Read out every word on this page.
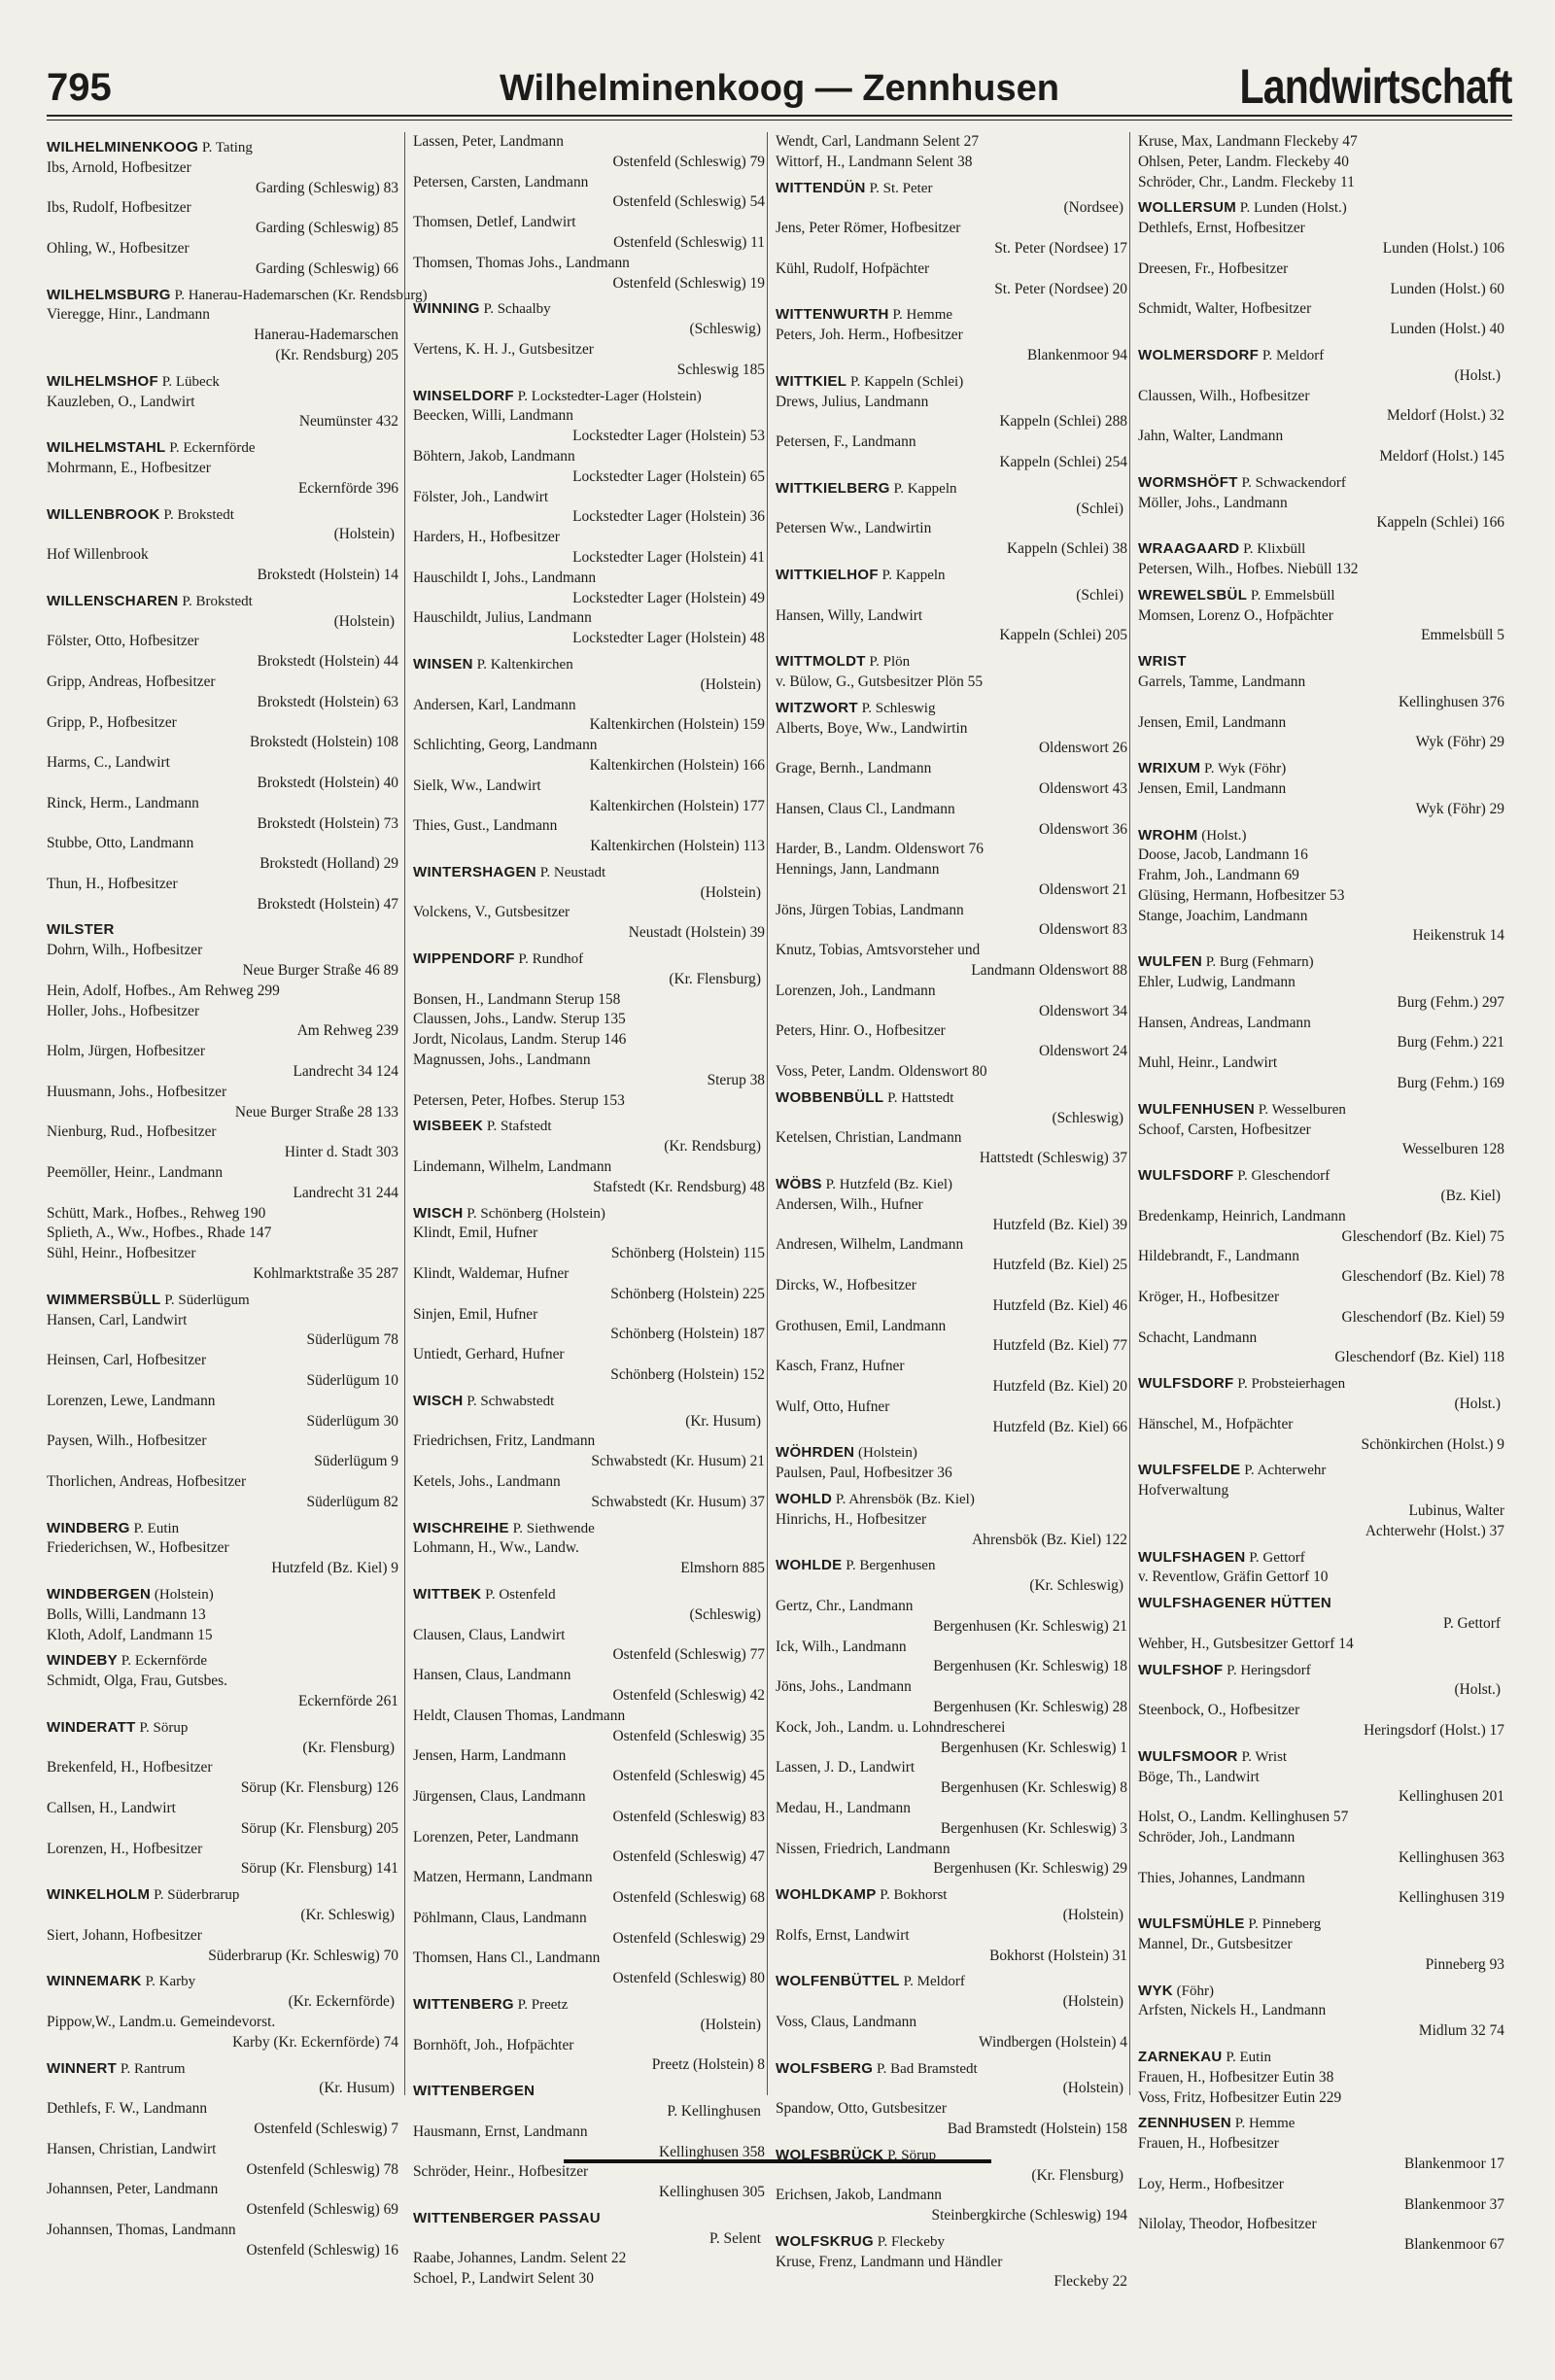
795	Wilhelminenkoog — Zennhusen	Landwirtschaft
WILHELMINENKOOG P. Tating
Ibs, Arnold, Hofbesitzer
Garding (Schleswig) 83
Ibs, Rudolf, Hofbesitzer
Garding (Schleswig) 85
Ohling, W., Hofbesitzer
Garding (Schleswig) 66
WILHELMSBURG P. Hanerau-Hademarschen (Kr. Rendsburg)
Vieregge, Hinr., Landmann
Hanerau-Hademarschen
(Kr. Rendsburg) 205
WILHELMSHOF P. Lübeck
Kauzleben, O., Landwirt
Neumünster 432
WILHELMSTAHL P. Eckernförde
Mohrmann, E., Hofbesitzer
Eckernförde 396
WILLENBROOK P. Brokstedt
(Holstein)
Hof Willenbrook
Brokstedt (Holstein) 14
WILLENSCHAREN P. Brokstedt
(Holstein)
Fölster, Otto, Hofbesitzer
Brokstedt (Holstein) 44
Gripp, Andreas, Hofbesitzer
Brokstedt (Holstein) 63
Gripp, P., Hofbesitzer
Brokstedt (Holstein) 108
Harms, C., Landwirt
Brokstedt (Holstein) 40
Rinck, Herm., Landmann
Brokstedt (Holstein) 73
Stubbe, Otto, Landmann
Brokstedt (Holland) 29
Thun, H., Hofbesitzer
Brokstedt (Holstein) 47
WILSTER
Dohrn, Wilh., Hofbesitzer
Neue Burger Straße 46 89
Hein, Adolf, Hofbes., Am Rehweg 299
Holler, Johs., Hofbesitzer
Am Rehweg 239
Holm, Jürgen, Hofbesitzer
Landrecht 34 124
Huusmann, Johs., Hofbesitzer
Neue Burger Straße 28 133
Nienburg, Rud., Hofbesitzer
Hinter d. Stadt 303
Peemöller, Heinr., Landmann
Landrecht 31 244
Schütt, Mark., Hofbes., Rehweg 190
Splieth, A., Ww., Hofbes., Rhade 147
Sühl, Heinr., Hofbesitzer
Kohlmarktstraße 35 287
WIMMERSBÜLL P. Süderlügum
Hansen, Carl, Landwirt
Süderlügum 78
Heinsen, Carl, Hofbesitzer
Süderlügum 10
Lorenzen, Lewe, Landmann
Süderlügum 30
Paysen, Wilh., Hofbesitzer
Süderlügum 9
Thorlichen, Andreas, Hofbesitzer
Süderlügum 82
WINDBERG P. Eutin
Friederichsen, W., Hofbesitzer
Hutzfeld (Bz. Kiel) 9
WINDBERGEN (Holstein)
Bolls, Willi, Landmann 13
Kloth, Adolf, Landmann 15
WINDEBY P. Eckernförde
Schmidt, Olga, Frau, Gutsbes.
Eckernförde 261
WINDERATT P. Sörup
(Kr. Flensburg)
Brekenfeld, H., Hofbesitzer
Sörup (Kr. Flensburg) 126
Callsen, H., Landwirt
Sörup (Kr. Flensburg) 205
Lorenzen, H., Hofbesitzer
Sörup (Kr. Flensburg) 141
WINKELHOLM P. Süderbrarup
(Kr. Schleswig)
Siert, Johann, Hofbesitzer
Süderbrarup (Kr. Schleswig) 70
WINNEMARK P. Karby
(Kr. Eckernförde)
Pippow,W., Landm.u. Gemeindevorst.
Karby (Kr. Eckernförde) 74
WINNERT P. Rantrum
(Kr. Husum)
Dethlefs, F. W., Landmann
Ostenfeld (Schleswig) 7
Hansen, Christian, Landwirt
Ostenfeld (Schleswig) 78
Johannsen, Peter, Landmann
Ostenfeld (Schleswig) 69
Johannsen, Thomas, Landmann
Ostenfeld (Schleswig) 16
Lassen, Peter, Landmann
Ostenfeld (Schleswig) 79
Petersen, Carsten, Landmann
Ostenfeld (Schleswig) 54
Thomsen, Detlef, Landwirt
Ostenfeld (Schleswig) 11
Thomsen, Thomas Johs., Landmann
Ostenfeld (Schleswig) 19
WINNING P. Schaalby
(Schleswig)
Vertens, K. H. J., Gutsbesitzer
Schleswig 185
WINSELDORF P. Lockstedter-Lager (Holstein)
Beecken, Willi, Landmann
Lockstedter Lager (Holstein) 53
Böhtern, Jakob, Landmann
Lockstedter Lager (Holstein) 65
Fölster, Joh., Landwirt
Lockstedter Lager (Holstein) 36
Harders, H., Hofbesitzer
Lockstedter Lager (Holstein) 41
Hauschildt I, Johs., Landmann
Lockstedter Lager (Holstein) 49
Hauschildt, Julius, Landmann
Lockstedter Lager (Holstein) 48
WINSEN P. Kaltenkirchen
(Holstein)
Andersen, Karl, Landmann
Kaltenkirchen (Holstein) 159
Schlichting, Georg, Landmann
Kaltenkirchen (Holstein) 166
Sielk, Ww., Landwirt
Kaltenkirchen (Holstein) 177
Thies, Gust., Landmann
Kaltenkirchen (Holstein) 113
WINTERSHAGEN P. Neustadt
(Holstein)
Volckens, V., Gutsbesitzer
Neustadt (Holstein) 39
WIPPENDORF P. Rundhof
(Kr. Flensburg)
Bonsen, H., Landmann Sterup 158
Claussen, Johs., Landw. Sterup 135
Jordt, Nicolaus, Landm. Sterup 146
Magnussen, Johs., Landmann
Sterup 38
Petersen, Peter, Hofbes. Sterup 153
WISBEEK P. Stafstedt
(Kr. Rendsburg)
Lindemann, Wilhelm, Landmann
Stafstedt (Kr. Rendsburg) 48
WISCH P. Schönberg (Holstein)
Klindt, Emil, Hufner
Schönberg (Holstein) 115
Klindt, Waldemar, Hufner
Schönberg (Holstein) 225
Sinjen, Emil, Hufner
Schönberg (Holstein) 187
Untiedt, Gerhard, Hufner
Schönberg (Holstein) 152
WISCH P. Schwabstedt
(Kr. Husum)
Friedrichsen, Fritz, Landmann
Schwabstedt (Kr. Husum) 21
Ketels, Johs., Landmann
Schwabstedt (Kr. Husum) 37
WISCHREIHE P. Siethwende
Lohmann, H., Ww., Landw.
Elmshorn 885
WITTBEK P. Ostenfeld
(Schleswig)
Clausen, Claus, Landwirt
Ostenfeld (Schleswig) 77
Hansen, Claus, Landmann
Ostenfeld (Schleswig) 42
Heldt, Clausen Thomas, Landmann
Ostenfeld (Schleswig) 35
Jensen, Harm, Landmann
Ostenfeld (Schleswig) 45
Jürgensen, Claus, Landmann
Ostenfeld (Schleswig) 83
Lorenzen, Peter, Landmann
Ostenfeld (Schleswig) 47
Matzen, Hermann, Landmann
Ostenfeld (Schleswig) 68
Pöhlmann, Claus, Landmann
Ostenfeld (Schleswig) 29
Thomsen, Hans Cl., Landmann
Ostenfeld (Schleswig) 80
WITTENBERG P. Preetz
(Holstein)
Bornhöft, Joh., Hofpächter
Preetz (Holstein) 8
WITTENBERGEN
P. Kellinghusen
Hausmann, Ernst, Landmann
Kellinghusen 358
Schröder, Heinr., Hofbesitzer
Kellinghusen 305
WITTENBERGER PASSAU
P. Selent
Raabe, Johannes, Landm. Selent 22
Schoel, P., Landwirt Selent 30
Wendt, Carl, Landmann Selent 27
Wittorf, H., Landmann Selent 38
WITTENDÜN P. St. Peter
(Nordsee)
Jens, Peter Römer, Hofbesitzer
St. Peter (Nordsee) 17
Kühl, Rudolf, Hofpächter
St. Peter (Nordsee) 20
WITTENWURTH P. Hemme
Peters, Joh. Herm., Hofbesitzer
Blankenmoor 94
WITTKIEL P. Kappeln (Schlei)
Drews, Julius, Landmann
Kappeln (Schlei) 288
Petersen, F., Landmann
Kappeln (Schlei) 254
WITTKIELBERG P. Kappeln
(Schlei)
Petersen Ww., Landwirtin
Kappeln (Schlei) 38
WITTKIELHOF P. Kappeln
(Schlei)
Hansen, Willy, Landwirt
Kappeln (Schlei) 205
WITTMOLDT P. Plön
v. Bülow, G., Gutsbesitzer Plön 55
WITZWORT P. Schleswig
Alberts, Boye, Ww., Landwirtin
Oldenswort 26
Grage, Bernh., Landmann
Oldenswort 43
Hansen, Claus Cl., Landmann
Oldenswort 36
Harder, B., Landm. Oldenswort 76
Hennings, Jann, Landmann
Oldenswort 21
Jöns, Jürgen Tobias, Landmann
Oldenswort 83
Knutz, Tobias, Amtsvorsteher und
Landmann Oldenswort 88
Lorenzen, Joh., Landmann
Oldenswort 34
Peters, Hinr. O., Hofbesitzer
Oldenswort 24
Voss, Peter, Landm. Oldenswort 80
WOBBENBÜLL P. Hattstedt
(Schleswig)
Ketelsen, Christian, Landmann
Hattstedt (Schleswig) 37
WÖBS P. Hutzfeld (Bz. Kiel)
Andersen, Wilh., Hufner
Hutzfeld (Bz. Kiel) 39
Andresen, Wilhelm, Landmann
Hutzfeld (Bz. Kiel) 25
Dircks, W., Hofbesitzer
Hutzfeld (Bz. Kiel) 46
Grothusen, Emil, Landmann
Hutzfeld (Bz. Kiel) 77
Kasch, Franz, Hufner
Hutzfeld (Bz. Kiel) 20
Wulf, Otto, Hufner
Hutzfeld (Bz. Kiel) 66
WÖHRDEN (Holstein)
Paulsen, Paul, Hofbesitzer 36
WOHLD P. Ahrensbök (Bz. Kiel)
Hinrichs, H., Hofbesitzer
Ahrensbök (Bz. Kiel) 122
WOHLDE P. Bergenhusen
(Kr. Schleswig)
Gertz, Chr., Landmann
Bergenhusen (Kr. Schleswig) 21
Ick, Wilh., Landmann
Bergenhusen (Kr. Schleswig) 18
Jöns, Johs., Landmann
Bergenhusen (Kr. Schleswig) 28
Kock, Joh., Landm. u. Lohndrescherei
Bergenhusen (Kr. Schleswig) 1
Lassen, J. D., Landwirt
Bergenhusen (Kr. Schleswig) 8
Medau, H., Landmann
Bergenhusen (Kr. Schleswig) 3
Nissen, Friedrich, Landmann
Bergenhusen (Kr. Schleswig) 29
WOHLDKAMP P. Bokhorst
(Holstein)
Rolfs, Ernst, Landwirt
Bokhorst (Holstein) 31
WOLFENBÜTTEL P. Meldorf
(Holstein)
Voss, Claus, Landmann
Windbergen (Holstein) 4
WOLFSBERG P. Bad Bramstedt
(Holstein)
Spandow, Otto, Gutsbesitzer
Bad Bramstedt (Holstein) 158
WOLFSBRÜCK P. Sörup
(Kr. Flensburg)
Erichsen, Jakob, Landmann
Steinbergkirche (Schleswig) 194
WOLFSKRUG P. Fleckeby
Kruse, Frenz, Landmann und Händler
Fleckeby 22
Kruse, Max, Landmann Fleckeby 47
Ohlsen, Peter, Landm. Fleckeby 40
Schröder, Chr., Landm. Fleckeby 11
WOLLERSUM P. Lunden (Holst.)
Dethlefs, Ernst, Hofbesitzer
Lunden (Holst.) 106
Dreesen, Fr., Hofbesitzer
Lunden (Holst.) 60
Schmidt, Walter, Hofbesitzer
Lunden (Holst.) 40
WOLMERSDORF P. Meldorf
(Holst.)
Claussen, Wilh., Hofbesitzer
Meldorf (Holst.) 32
Jahn, Walter, Landmann
Meldorf (Holst.) 145
WORMSHÖFT P. Schwackendorf
Möller, Johs., Landmann
Kappeln (Schlei) 166
WRAAGAARD P. Klixbüll
Petersen, Wilh., Hofbes. Niebüll 132
WREWELSBÜL P. Emmelsbüll
Momsen, Lorenz O., Hofpächter
Emmelsbüll 5
WRIST
Garrels, Tamme, Landmann
Kellinghusen 376
Jensen, Emil, Landmann
Wyk (Föhr) 29
WRIXUM P. Wyk (Föhr)
Jensen, Emil, Landmann
Wyk (Föhr) 29
WROHM (Holst.)
Doose, Jacob, Landmann 16
Frahm, Joh., Landmann 69
Glüsing, Hermann, Hofbesitzer 53
Stange, Joachim, Landmann
Heikenstruk 14
WULFEN P. Burg (Fehmarn)
Ehler, Ludwig, Landmann
Burg (Fehm.) 297
Hansen, Andreas, Landmann
Burg (Fehm.) 221
Muhl, Heinr., Landwirt
Burg (Fehm.) 169
WULFENHUSEN P. Wesselburen
Schoof, Carsten, Hofbesitzer
Wesselburen 128
WULFSDORF P. Gleschendorf
(Bz. Kiel)
Bredenkamp, Heinrich, Landmann
Gleschendorf (Bz. Kiel) 75
Hildebrandt, F., Landmann
Gleschendorf (Bz. Kiel) 78
Kröger, H., Hofbesitzer
Gleschendorf (Bz. Kiel) 59
Schacht, Landmann
Gleschendorf (Bz. Kiel) 118
WULFSDORF P. Probsteierhagen
(Holst.)
Hänschel, M., Hofpächter
Schönkirchen (Holst.) 9
WULFSFELDE P. Achterwehr
Hofverwaltung
Lubinus, Walter
Achterwehr (Holst.) 37
WULFSHAGEN P. Gettorf
v. Reventlow, Gräfin Gettorf 10
WULFSHAGENER HÜTTEN
P. Gettorf
Wehber, H., Gutsbesitzer Gettorf 14
WULFSHOF P. Heringsdorf
(Holst.)
Steenbock, O., Hofbesitzer
Heringsdorf (Holst.) 17
WULFSMOOR P. Wrist
Böge, Th., Landwirt
Kellinghusen 201
Holst, O., Landm. Kellinghusen 57
Schröder, Joh., Landmann
Kellinghusen 363
Thies, Johannes, Landmann
Kellinghusen 319
WULFSMÜHLE P. Pinneberg
Mannel, Dr., Gutsbesitzer
Pinneberg 93
WYK (Föhr)
Arfsten, Nickels H., Landmann
Midlum 32 74
ZARNEKAU P. Eutin
Frauen, H., Hofbesitzer Eutin 38
Voss, Fritz, Hofbesitzer Eutin 229
ZENNHUSEN P. Hemme
Frauen, H., Hofbesitzer
Blankenmoor 17
Loy, Herm., Hofbesitzer
Blankenmoor 37
Nilolay, Theodor, Hofbesitzer
Blankenmoor 67
